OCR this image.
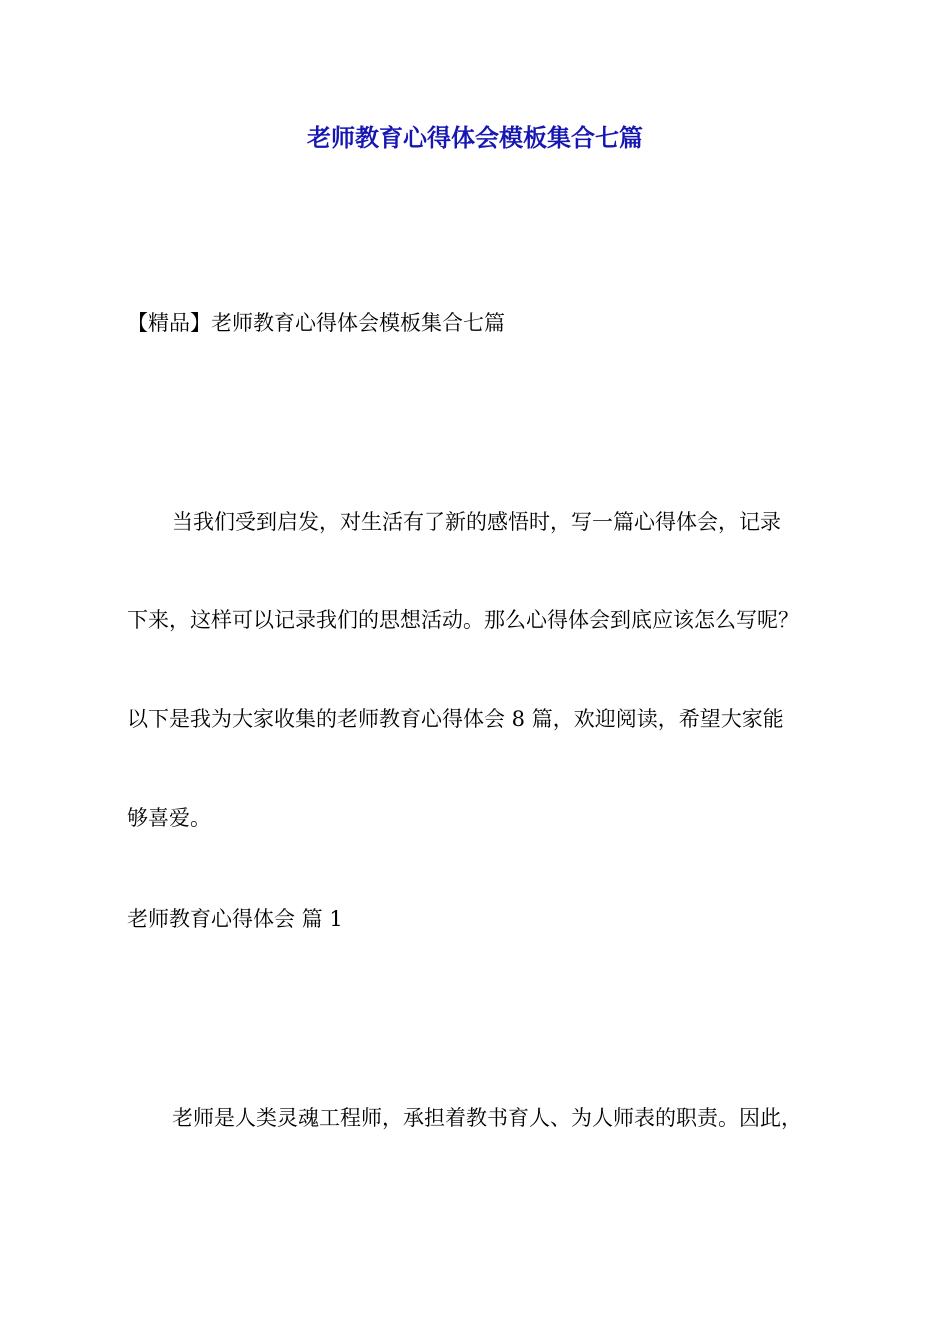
老师教育心得体会模板集合七篇
【精品】老师教育心得体会模板集合七篇
当我们受到启发，对生活有了新的感悟时，写一篇心得体会，记录
下来，这样可以记录我们的思想活动。那么心得体会到底应该怎么写呢？
以下是我为大家收集的老师教育心得体会 8 篇，欢迎阅读，希望大家能
够喜爱。
老师教育心得体会 篇 1
老师是人类灵魂工程师，承担着教书育人、为人师表的职责。因此，
